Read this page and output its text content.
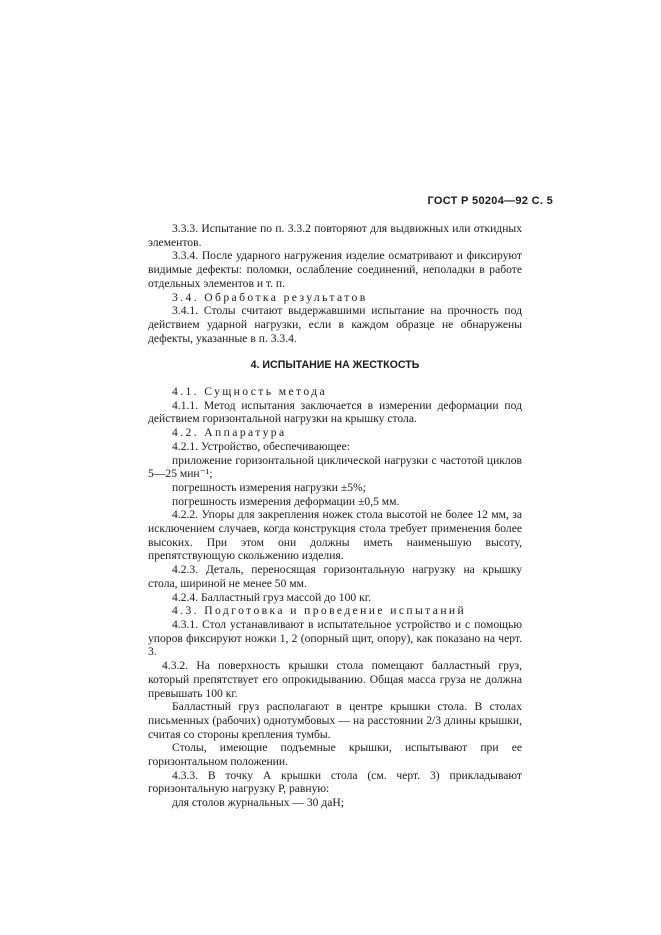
ГОСТ Р 50204—92 С. 5

3.3.3. Испытание по п. 3.3.2 повторяют для выдвижных или откидных элементов.

3.3.4. После ударного нагружения изделие осматривают и фиксируют видимые дефекты: поломки, ослабление соединений, неполадки в работе отдельных элементов и т. п.

3.4. Обработка результатов

3.4.1. Столы считают выдержавшими испытание на прочность под действием ударной нагрузки, если в каждом образце не обнаружены дефекты, указанные в п. 3.3.4.

4. ИСПЫТАНИЕ НА ЖЕСТКОСТЬ

4.1. Сущность метода

4.1.1. Метод испытания заключается в измерении деформации под действием горизонтальной нагрузки на крышку стола.

4.2. Аппаратура

4.2.1. Устройство, обеспечивающее:

приложение горизонтальной циклической нагрузки с частотой циклов 5—25 мин⁻¹;

погрешность измерения нагрузки ±5%;

погрешность измерения деформации ±0,5 мм.

4.2.2. Упоры для закрепления ножек стола высотой не более 12 мм, за исключением случаев, когда конструкция стола требует применения более высоких. При этом они должны иметь наименьшую высоту, препятствующую скольжению изделия.

4.2.3. Деталь, переносящая горизонтальную нагрузку на крышку стола, шириной не менее 50 мм.

4.2.4. Балластный груз массой до 100 кг.

4.3. Подготовка и проведение испытаний

4.3.1. Стол устанавливают в испытательное устройство и с помощью упоров фиксируют ножки 1, 2 (опорный щит, опору), как показано на черт. 3.

4.3.2. На поверхность крышки стола помещают балластный груз, который препятствует его опрокидыванию. Общая масса груза не должна превышать 100 кг.

Балластный груз располагают в центре крышки стола. В столах письменных (рабочих) однотумбовых — на расстоянии 2/3 длины крышки, считая со стороны крепления тумбы.

Столы, имеющие подъемные крышки, испытывают при ее горизонтальном положении.

4.3.3. В точку А крышки стола (см. черт. 3) прикладывают горизонтальную нагрузку Р, равную:

для столов журнальных — 30 даН;
